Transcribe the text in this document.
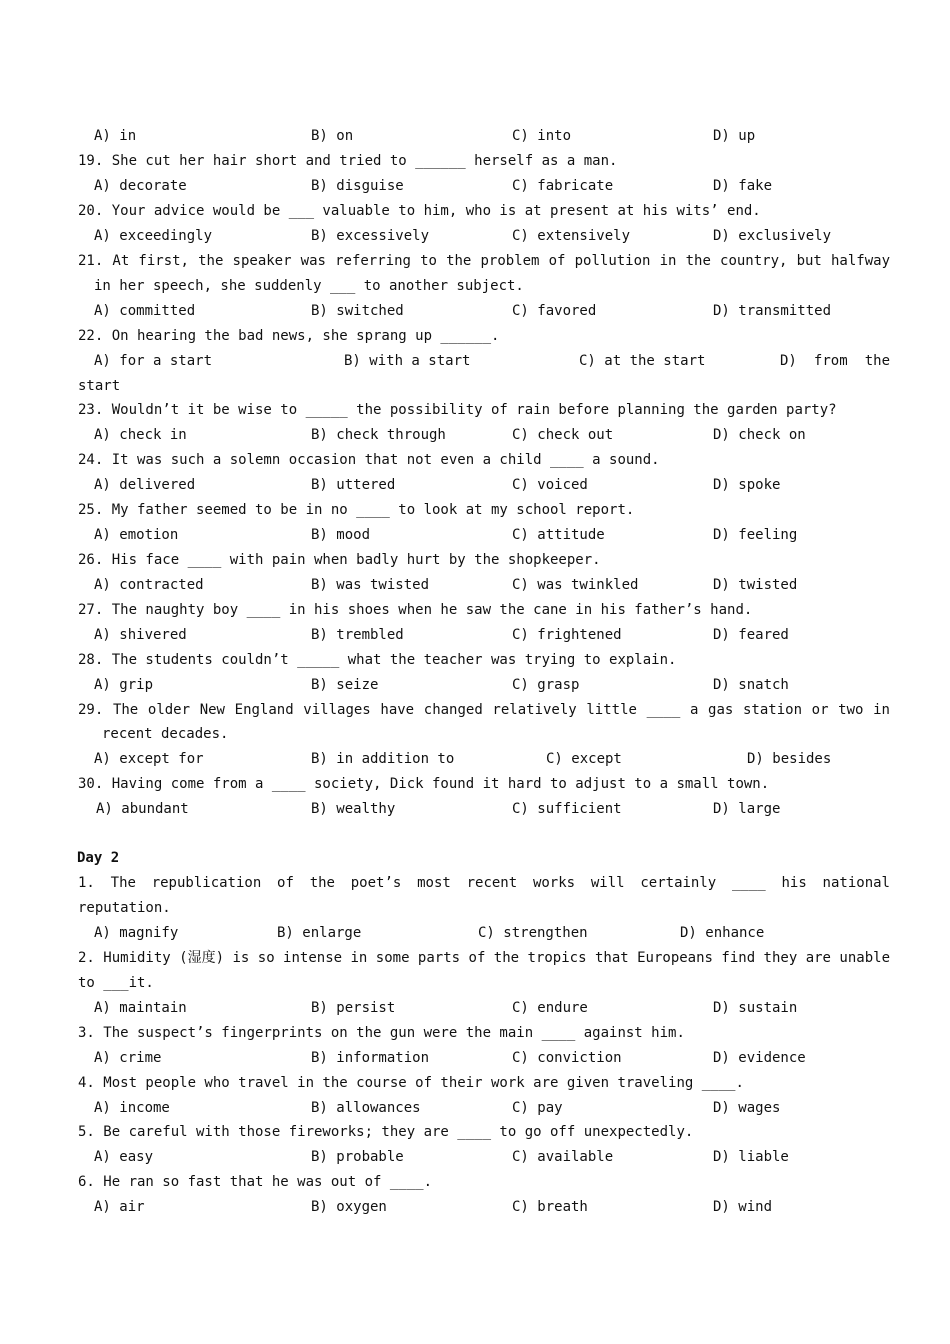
A) in	B) on	C) into	D) up
19. She cut her hair short and tried to ______ herself as a man.
A) decorate	B) disguise	C) fabricate	D) fake
20. Your advice would be ___ valuable to him, who is at present at his wits’ end.
A) exceedingly	B) excessively	C) extensively	D) exclusively
21. At first, the speaker was referring to the problem of pollution in the country, but halfway
in her speech, she suddenly ___ to another subject.
A) committed	B) switched	C) favored	D) transmitted
22. On hearing the bad news, she sprang up ______.
A) for a start	B) with a start	C) at the start	D) from the
start
23. Wouldn’t it be wise to _____ the possibility of rain before planning the garden party?
A) check in	B) check through	C) check out	D) check on
24. It was such a solemn occasion that not even a child ____ a sound.
A) delivered	B) uttered	C) voiced	D) spoke
25. My father seemed to be in no ____ to look at my school report.
A) emotion	B) mood	C) attitude	D) feeling
26. His face ____ with pain when badly hurt by the shopkeeper.
A) contracted	B) was twisted	C) was twinkled	D) twisted
27. The naughty boy ____ in his shoes when he saw the cane in his father’s hand.
A) shivered	B) trembled	C) frightened	D) feared
28. The students couldn’t _____ what the teacher was trying to explain.
A) grip	B) seize	C) grasp	D) snatch
29. The older New England villages have changed relatively little ____ a gas station or two in
recent decades.
A) except for	B) in addition to	C) except	D) besides
30. Having come from a ____ society, Dick found it hard to adjust to a small town.
A) abundant	B) wealthy	C) sufficient	D) large
Day 2
1. The republication of the poet’s most recent works will certainly ____ his national
reputation.
A) magnify	B) enlarge	C) strengthen	D) enhance
2. Humidity (湿度) is so intense in some parts of the tropics that Europeans find they are unable
to ___it.
A) maintain	B) persist	C) endure	D) sustain
3. The suspect’s fingerprints on the gun were the main ____ against him.
A) crime	B) information	C) conviction	D) evidence
4. Most people who travel in the course of their work are given traveling ____.
A) income	B) allowances	C) pay	D) wages
5. Be careful with those fireworks; they are ____ to go off unexpectedly.
A) easy	B) probable	C) available	D) liable
6. He ran so fast that he was out of ____.
A) air	B) oxygen	C) breath	D) wind
